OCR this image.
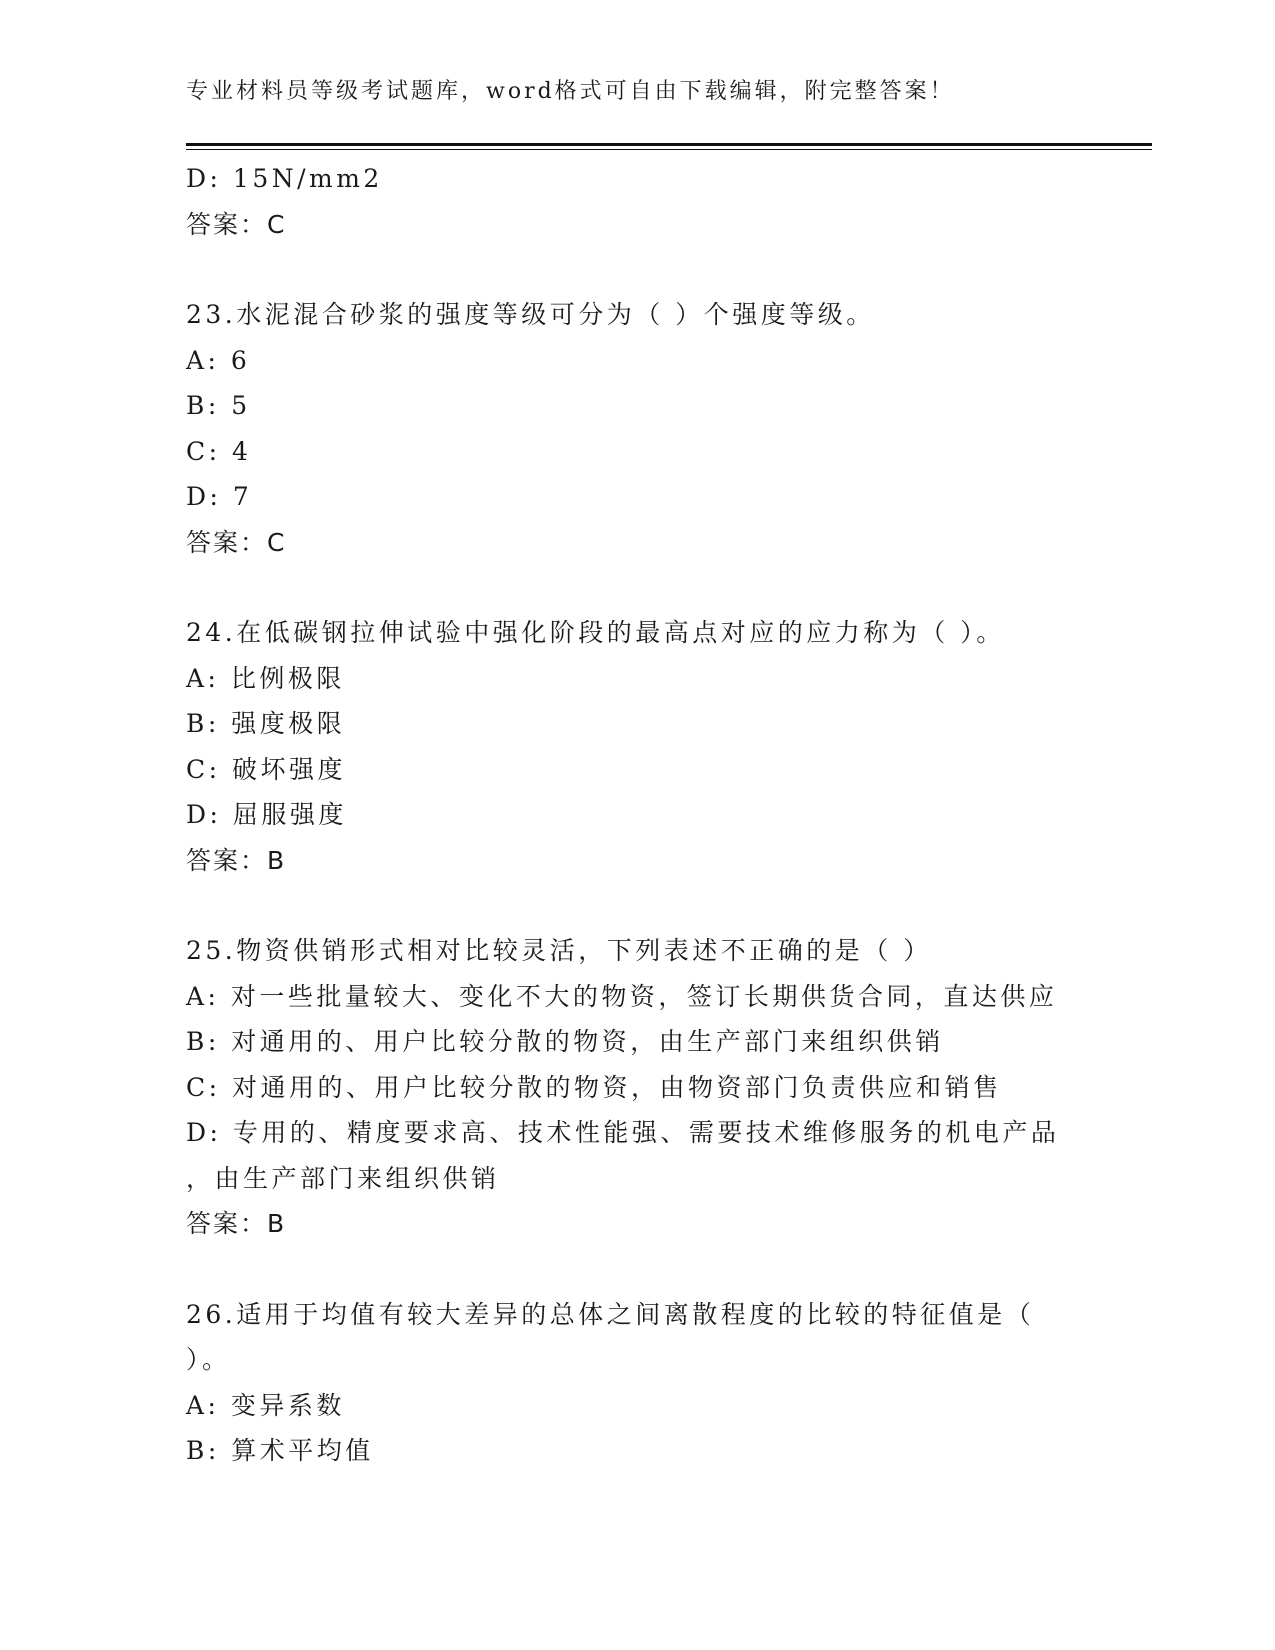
专业材料员等级考试题库，word格式可自由下载编辑，附完整答案！
D: 15N/mm2
答案：C
23.水泥混合砂浆的强度等级可分为（ ）个强度等级。
A: 6
B: 5
C: 4
D: 7
答案：C
24.在低碳钢拉伸试验中强化阶段的最高点对应的应力称为（ ）。
A: 比例极限
B: 强度极限
C: 破坏强度
D: 屈服强度
答案：B
25.物资供销形式相对比较灵活，下列表述不正确的是（ ）
A: 对一些批量较大、变化不大的物资，签订长期供货合同，直达供应
B: 对通用的、用户比较分散的物资，由生产部门来组织供销
C: 对通用的、用户比较分散的物资，由物资部门负责供应和销售
D: 专用的、精度要求高、技术性能强、需要技术维修服务的机电产品
，由生产部门来组织供销
答案：B
26.适用于均值有较大差异的总体之间离散程度的比较的特征值是（
）。
A: 变异系数
B: 算术平均值
